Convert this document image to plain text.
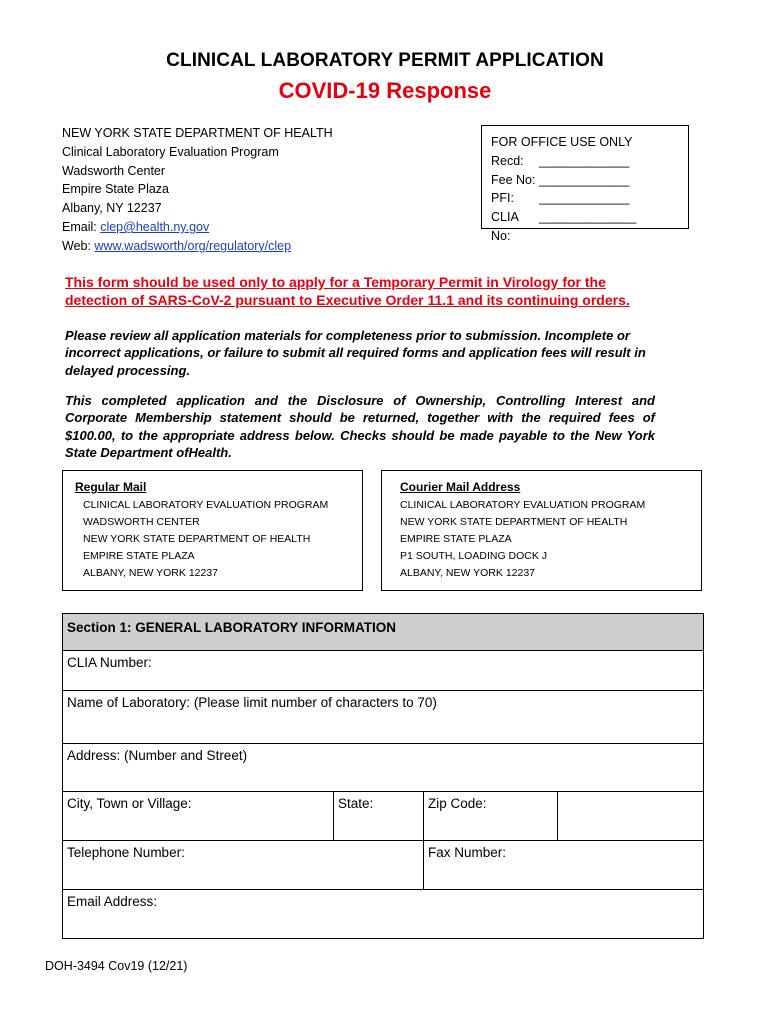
CLINICAL LABORATORY PERMIT APPLICATION
COVID-19 Response
NEW YORK STATE DEPARTMENT OF HEALTH
Clinical Laboratory Evaluation Program
Wadsworth Center
Empire State Plaza
Albany, NY 12237
Email: clep@health.ny.gov
Web: www.wadsworth/org/regulatory/clep
FOR OFFICE USE ONLY
Recd:	_____________
Fee No: _____________
PFI:	_____________
CLIA No:
______________
This form should be used only to apply for a Temporary Permit in Virology for the detection of SARS-CoV-2 pursuant to Executive Order 11.1 and its continuing orders.
Please review all application materials for completeness prior to submission. Incomplete or incorrect applications, or failure to submit all required forms and application fees will result in delayed processing.
This completed application and the Disclosure of Ownership, Controlling Interest and Corporate Membership statement should be returned, together with the required fees of $100.00, to the appropriate address below. Checks should be made payable to the New York State Department ofHealth.
Regular Mail
CLINICAL LABORATORY EVALUATION PROGRAM
WADSWORTH CENTER
NEW YORK STATE DEPARTMENT OF HEALTH
EMPIRE STATE PLAZA
ALBANY, NEW YORK 12237
Courier Mail Address
CLINICAL LABORATORY EVALUATION PROGRAM
NEW YORK STATE DEPARTMENT OF HEALTH
EMPIRE STATE PLAZA
P1 SOUTH, LOADING DOCK J
ALBANY, NEW YORK 12237
Section 1: GENERAL LABORATORY INFORMATION			
CLIA Number:			
Name of Laboratory: (Please limit number of characters to 70)			
Address: (Number and Street)			
City, Town or Village:	State:	Zip Code:	
Telephone Number:		Fax Number:	
Email Address:			
DOH-3494 Cov19 (12/21)
